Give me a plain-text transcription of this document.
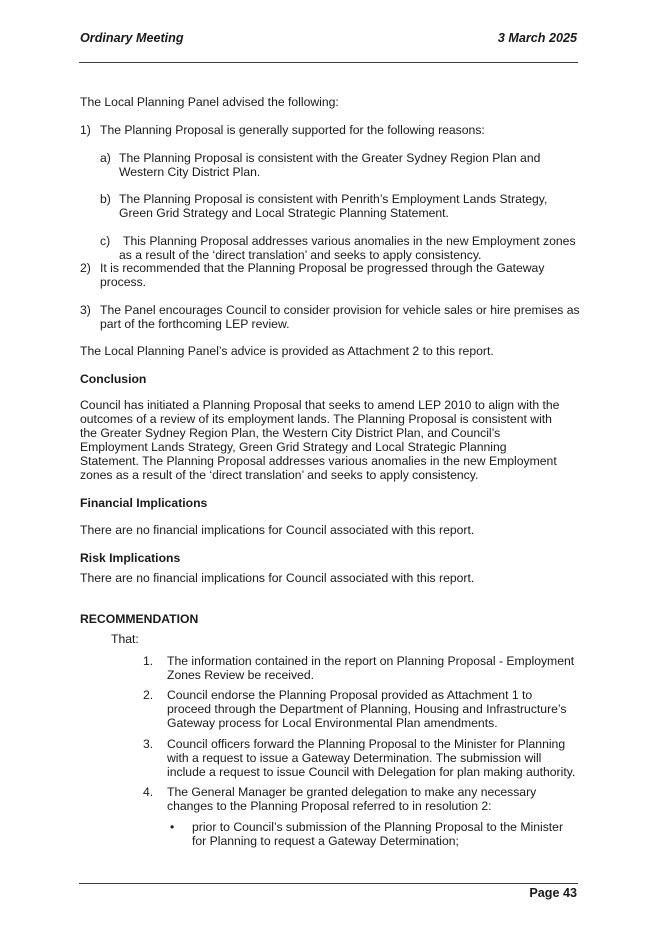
Ordinary Meeting	3 March 2025
The Local Planning Panel advised the following:
1) The Planning Proposal is generally supported for the following reasons:
a) The Planning Proposal is consistent with the Greater Sydney Region Plan and
Western City District Plan.
b) The Planning Proposal is consistent with Penrith’s Employment Lands Strategy,
Green Grid Strategy and Local Strategic Planning Statement.
c) This Planning Proposal addresses various anomalies in the new Employment zones
as a result of the ‘direct translation’ and seeks to apply consistency.
2) It is recommended that the Planning Proposal be progressed through the Gateway
process.
3) The Panel encourages Council to consider provision for vehicle sales or hire premises as
part of the forthcoming LEP review.
The Local Planning Panel’s advice is provided as Attachment 2 to this report.
Conclusion
Council has initiated a Planning Proposal that seeks to amend LEP 2010 to align with the
outcomes of a review of its employment lands. The Planning Proposal is consistent with
the Greater Sydney Region Plan, the Western City District Plan, and Council’s
Employment Lands Strategy, Green Grid Strategy and Local Strategic Planning
Statement. The Planning Proposal addresses various anomalies in the new Employment
zones as a result of the ‘direct translation’ and seeks to apply consistency.
Financial Implications
There are no financial implications for Council associated with this report.
Risk Implications
There are no financial implications for Council associated with this report.
RECOMMENDATION
That:
1. The information contained in the report on Planning Proposal - Employment
Zones Review be received.
2. Council endorse the Planning Proposal provided as Attachment 1 to
proceed through the Department of Planning, Housing and Infrastructure’s
Gateway process for Local Environmental Plan amendments.
3. Council officers forward the Planning Proposal to the Minister for Planning
with a request to issue a Gateway Determination. The submission will
include a request to issue Council with Delegation for plan making authority.
4. The General Manager be granted delegation to make any necessary
changes to the Planning Proposal referred to in resolution 2:
• prior to Council’s submission of the Planning Proposal to the Minister
for Planning to request a Gateway Determination;
Page 43
